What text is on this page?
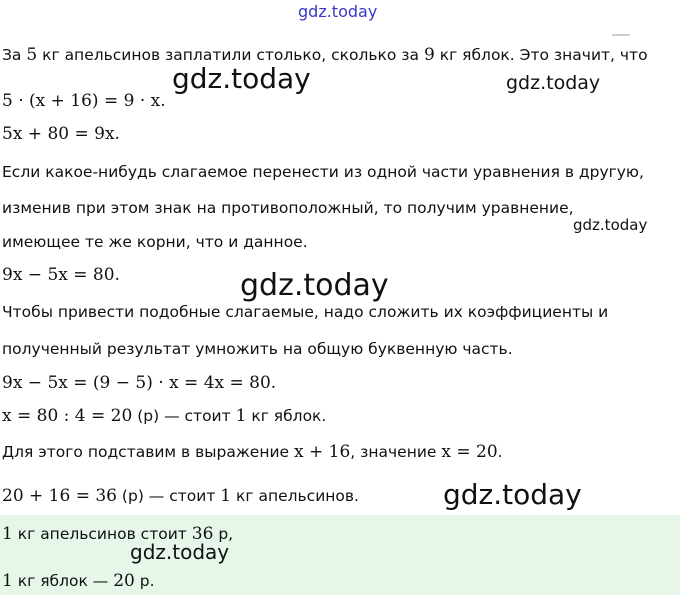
За 5 кг апельсинов заплатили столько, сколько за 9 кг яблок. Это значит, что
5 · (x + 16) = 9 · x.
5x + 80 = 9x.
Если какое-нибудь слагаемое перенести из одной части уравнения в другую,
изменив при этом знак на противоположный, то получим уравнение,
имеющее те же корни, что и данное.
9x − 5x = 80.
Чтобы привести подобные слагаемые, надо сложить их коэффициенты и
полученный результат умножить на общую буквенную часть.
9x − 5x = (9 − 5) · x = 4x = 80.
x = 80 : 4 = 20 (р) — стоит 1 кг яблок.
Для этого подставим в выражение x + 16, значение x = 20.
20 + 16 = 36 (р) — стоит 1 кг апельсинов.
1 кг апельсинов стоит 36 р,
1 кг яблок — 20 р.
gdz.today
gdz.today	gdz.today
gdz.today
gdz.today
gdz.today
gdz.today
